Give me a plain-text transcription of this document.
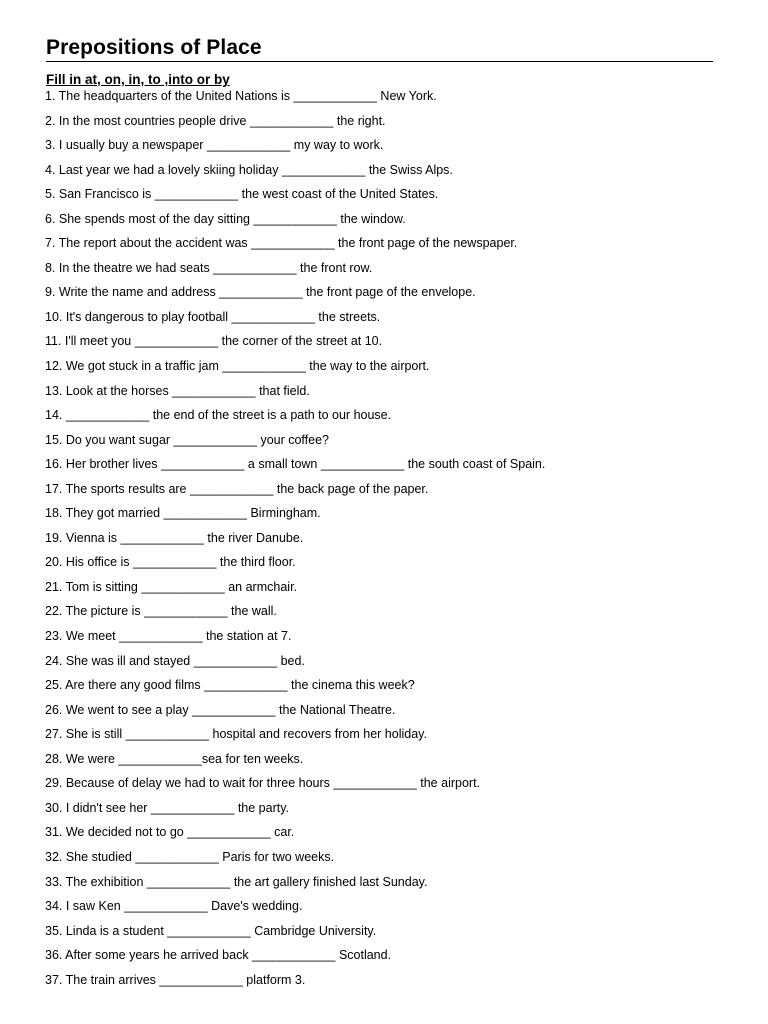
Prepositions of Place
Fill in at, on, in, to ,into or by
1. The headquarters of the United Nations is ____________ New York.
2. In the most countries people drive ____________ the right.
3. I usually buy a newspaper ____________ my way to work.
4. Last year we had a lovely skiing holiday ____________ the Swiss Alps.
5. San Francisco is ____________ the west coast of the United States.
6. She spends most of the day sitting ____________ the window.
7. The report about the accident was ____________ the front page of the newspaper.
8. In the theatre we had seats ____________ the front row.
9. Write the name and address ____________ the front page of the envelope.
10. It's dangerous to play football ____________ the streets.
11. I'll meet you ____________ the corner of the street at 10.
12. We got stuck in a traffic jam ____________ the way to the airport.
13. Look at the horses ____________ that field.
14. ____________ the end of the street is a path to our house.
15. Do you want sugar ____________ your coffee?
16. Her brother lives ____________ a small town ____________ the south coast of Spain.
17. The sports results are ____________ the back page of the paper.
18. They got married ____________ Birmingham.
19. Vienna is ____________ the river Danube.
20. His office is ____________ the third floor.
21. Tom is sitting ____________ an armchair.
22. The picture is ____________ the wall.
23. We meet ____________ the station at 7.
24. She was ill and stayed ____________ bed.
25. Are there any good films ____________ the cinema this week?
26. We went to see a play ____________ the National Theatre.
27. She is still ____________ hospital and recovers from her holiday.
28. We were ____________sea for ten weeks.
29. Because of delay we had to wait for three hours ____________ the airport.
30. I didn't see her ____________ the party.
31. We decided not to go ____________ car.
32. She studied ____________ Paris for two weeks.
33. The exhibition ____________ the art gallery finished last Sunday.
34. I saw Ken ____________ Dave's wedding.
35. Linda is a student ____________ Cambridge University.
36. After some years he arrived back ____________ Scotland.
37. The train arrives ____________ platform 3.
